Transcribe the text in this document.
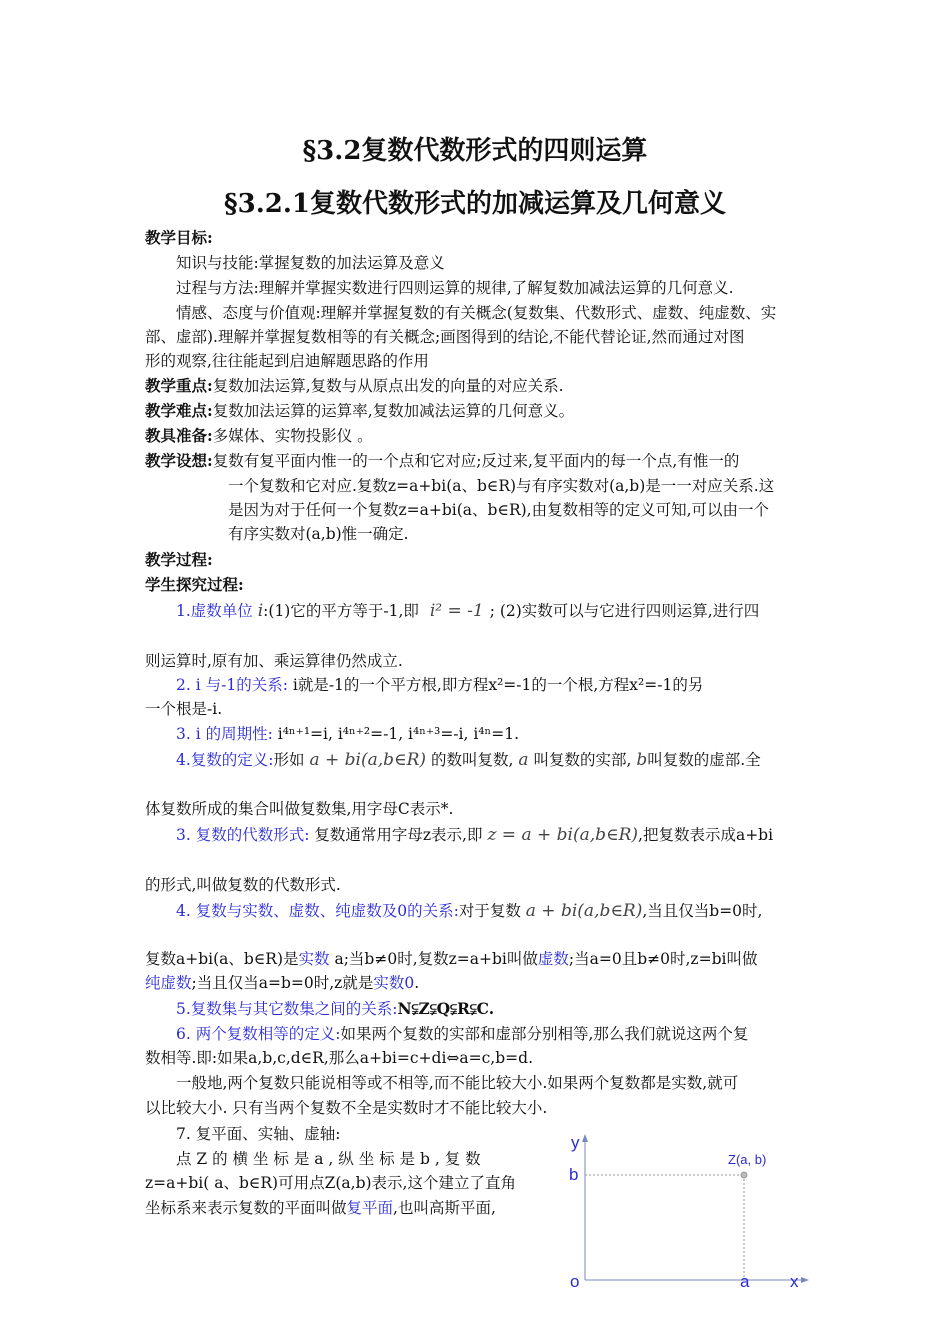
§3.2复数代数形式的四则运算
§3.2.1复数代数形式的加减运算及几何意义
教学目标:
知识与技能:掌握复数的加法运算及意义
过程与方法:理解并掌握实数进行四则运算的规律,了解复数加减法运算的几何意义.
情感、态度与价值观:理解并掌握复数的有关概念(复数集、代数形式、虚数、纯虚数、实
部、虚部).理解并掌握复数相等的有关概念;画图得到的结论,不能代替论证,然而通过对图
形的观察,往往能起到启迪解题思路的作用
教学重点:复数加法运算,复数与从原点出发的向量的对应关系.
教学难点:复数加法运算的运算率,复数加减法运算的几何意义。
教具准备:多媒体、实物投影仪 。
教学设想:复数有复平面内惟一的一个点和它对应;反过来,复平面内的每一个点,有惟一的
一个复数和它对应.复数z=a+bi(a、b∈R)与有序实数对(a,b)是一一对应关系.这
是因为对于任何一个复数z=a+bi(a、b∈R),由复数相等的定义可知,可以由一个
有序实数对(a,b)惟一确定.
教学过程:
学生探究过程:
1.虚数单位 i:(1)它的平方等于-1,即 i² = -1 ; (2)实数可以与它进行四则运算,进行四
则运算时,原有加、乘运算律仍然成立.
2. i 与-1的关系: i就是-1的一个平方根,即方程x²=-1的一个根,方程x²=-1的另
一个根是-i.
3. i 的周期性: i⁴ⁿ⁺¹=i, i⁴ⁿ⁺²=-1, i⁴ⁿ⁺³=-i, i⁴ⁿ=1.
4.复数的定义:形如 a + bi(a,b∈R) 的数叫复数, a 叫复数的实部, b叫复数的虚部.全
体复数所成的集合叫做复数集,用字母C表示*.
3. 复数的代数形式: 复数通常用字母z表示,即 z = a + bi(a,b∈R),把复数表示成a+bi
的形式,叫做复数的代数形式.
4. 复数与实数、虚数、纯虚数及0的关系:对于复数 a + bi(a,b∈R),当且仅当b=0时,
复数a+bi(a、b∈R)是实数 a;当b≠0时,复数z=a+bi叫做虚数;当a=0且b≠0时,z=bi叫做
纯虚数;当且仅当a=b=0时,z就是实数0.
5.复数集与其它数集之间的关系:N⫋Z⫋Q⫋R⫋C.
6. 两个复数相等的定义:如果两个复数的实部和虚部分别相等,那么我们就说这两个复
数相等.即:如果a,b,c,d∈R,那么a+bi=c+di⇔a=c,b=d.
一般地,两个复数只能说相等或不相等,而不能比较大小.如果两个复数都是实数,就可
以比较大小. 只有当两个复数不全是实数时才不能比较大小.
7. 复平面、实轴、虚轴:
点 Z 的 横 坐 标 是 a , 纵 坐 标 是 b , 复 数
z=a+bi( a、b∈R)可用点Z(a,b)表示,这个建立了直角
坐标系来表示复数的平面叫做复平面,也叫高斯平面,
y
b
o	a x
Z(a, b)
